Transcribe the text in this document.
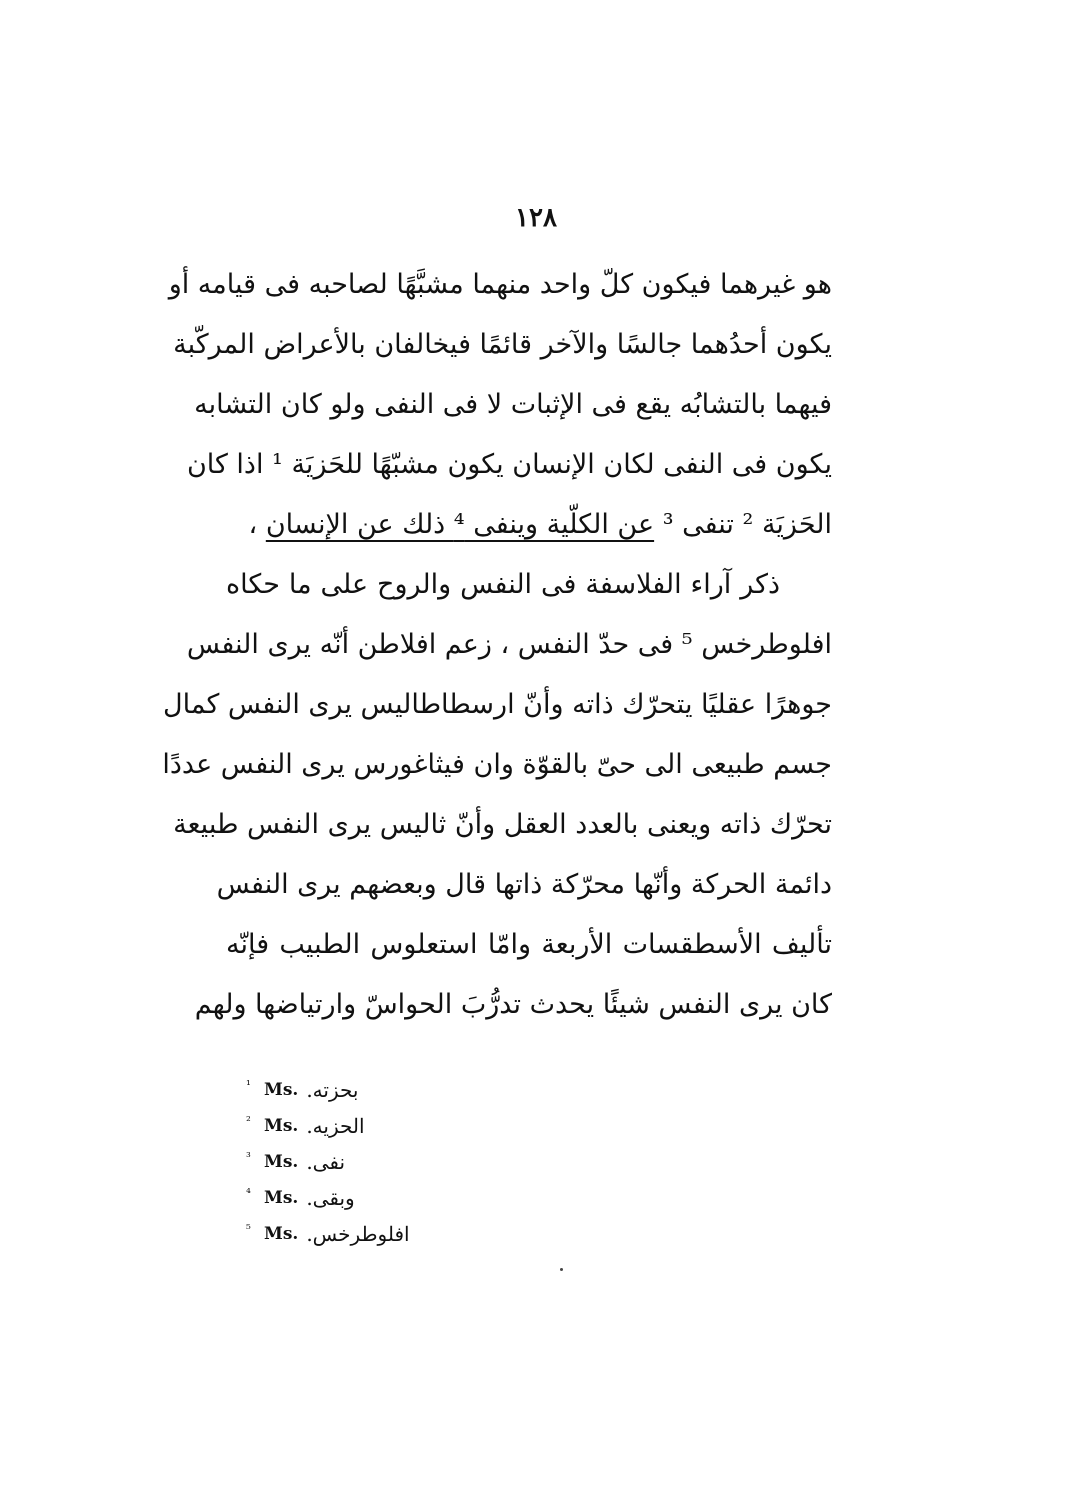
١٢٨
هو غيرهما فيكون كلّ واحد منهما مشبَّهًا لصاحبه فى قيامه أو
يكون أحدُهما جالسًا والآخر قائمًا فيخالفان بالأعراض المركّبة
فيهما بالتشابُه يقع فى الإثبات لا فى النفى ولو كان التشابه
يكون فى النفى لكان الإنسان يكون مشبّهًا للحَزيَة ¹ اذا كان
الحَزيَة ² تنفى ³ عن الكلّية وينفى ⁴ ذلك عن الإنسان ،
ذكر آراء الفلاسفة فى النفس والروح على ما حكاه
افلوطرخس ⁵ فى حدّ النفس ، زعم افلاطن أنّه يرى النفس
جوهرًا عقليًا يتحرّك ذاته وأنّ ارسطاطاليس يرى النفس كمال
جسم طبيعى الى حىّ بالقوّة وان فيثاغورس يرى النفس عددًا
تحرّك ذاته ويعنى بالعدد العقل وأنّ ثاليس يرى النفس طبيعة
دائمة الحركة وأنّها محرّكة ذاتها قال وبعضهم يرى النفس
تأليف الأسطقسات الأربعة وامّا استعلوس الطبيب فإنّه
كان يرى النفس شيئًا يحدث تدرُّبَ الحواسّ وارتياضها ولهم
¹ Ms. بحزته.
² Ms. الحزيه.
³ Ms. نفى.
⁴ Ms. وبقى.
⁵ Ms. افلوطرخس.
